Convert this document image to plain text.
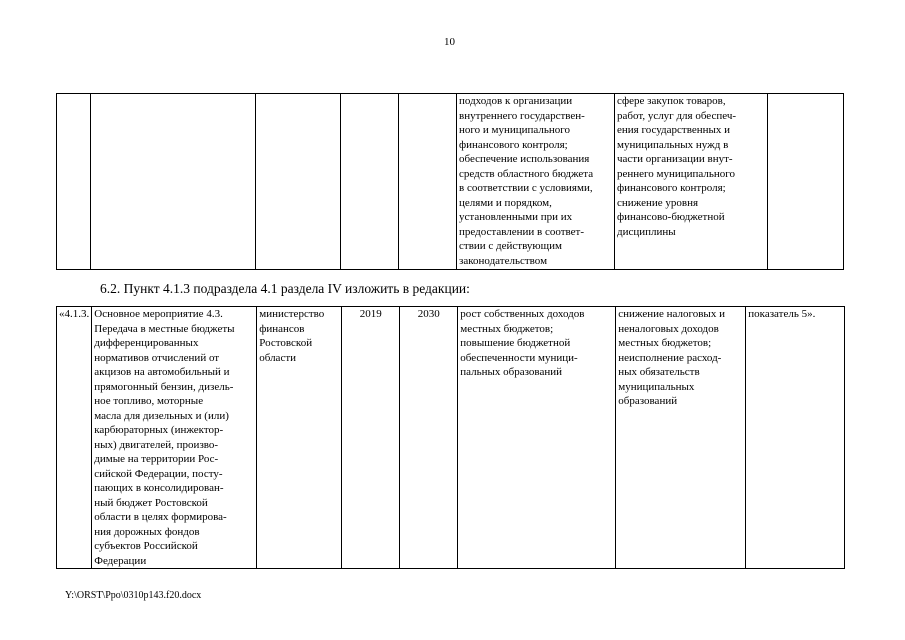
10
					подходов к организации
внутреннего государствен-
ного и муниципального
финансового контроля;
обеспечение использования
средств областного бюджета
в соответствии с условиями,
целями и порядком,
установленными при их
предоставлении в соответ-
ствии с действующим
законодательством	сфере закупок товаров,
работ, услуг для обеспеч-
ения государственных и
муниципальных нужд в
части организации внут-
реннего муниципального
финансового контроля;
снижение уровня
финансово-бюджетной
дисциплины	
6.2. Пункт 4.1.3 подраздела 4.1 раздела IV изложить в редакции:
«4.1.3.	Основное мероприятие 4.3.
Передача в местные бюджеты
дифференцированных
нормативов отчислений от
акцизов на автомобильный и
прямогонный бензин, дизель-
ное топливо, моторные
масла для дизельных и (или)
карбюраторных (инжектор-
ных) двигателей, произво-
димые на территории Рос-
сийской Федерации, посту-
пающих в консолидирован-
ный бюджет Ростовской
области в целях формирова-
ния дорожных фондов
субъектов Российской
Федерации	министерство
финансов
Ростовской
области	2019	2030	рост собственных доходов
местных бюджетов;
повышение бюджетной
обеспеченности муници-
пальных образований	снижение налоговых и
неналоговых доходов
местных бюджетов;
неисполнение расход-
ных обязательств
муниципальных
образований	показатель 5».
Y:\ORST\Ppo\0310p143.f20.docx
